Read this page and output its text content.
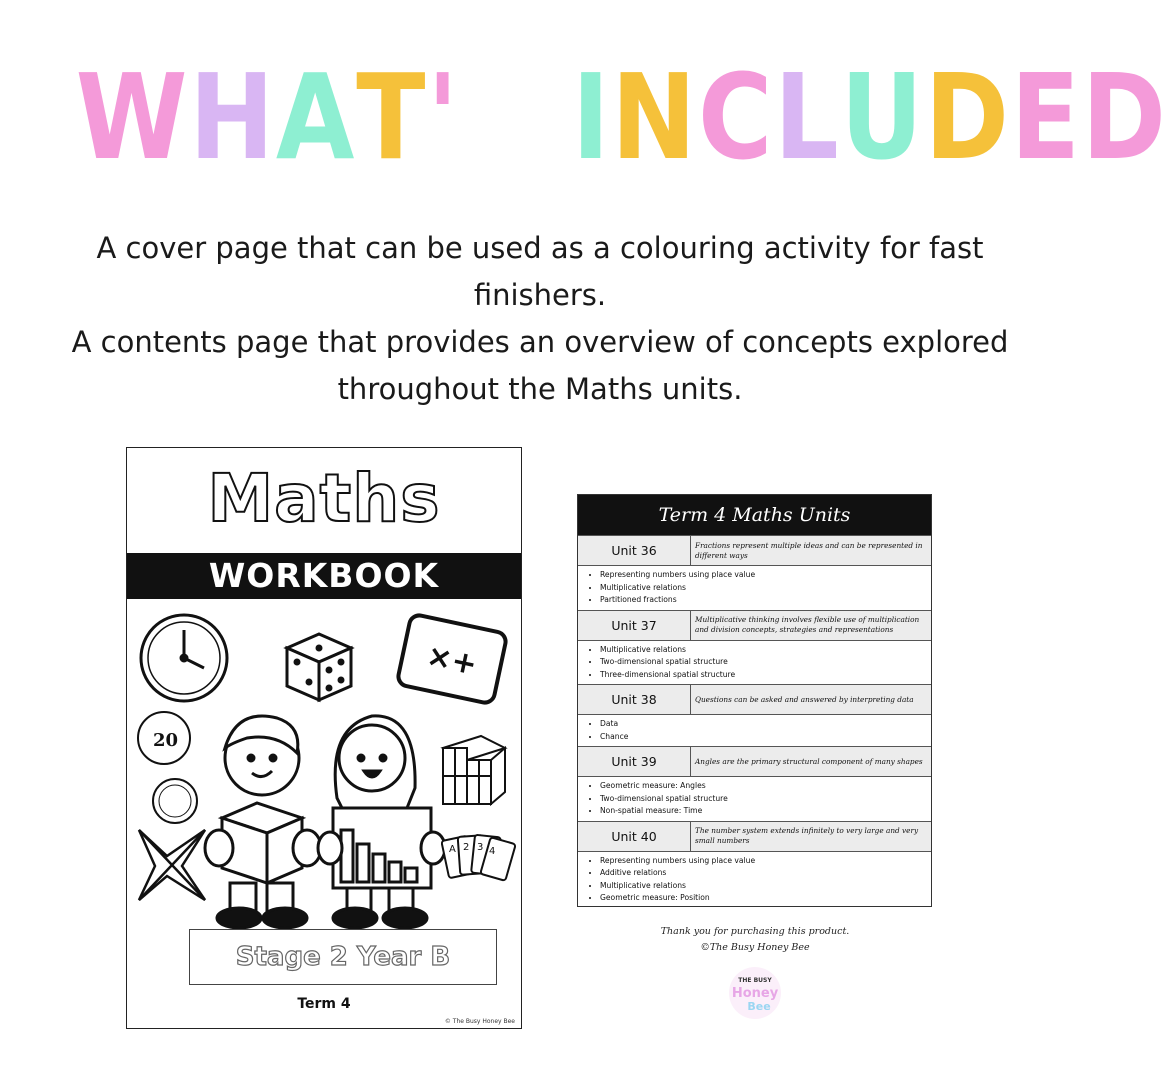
WHAT'S INCLUDED

A cover page that can be used as a colouring activity for fast finishers.

A contents page that provides an overview of concepts explored throughout the Maths units.

Maths
WORKBOOK
×+
20
A 2 3 4
Stage 2 Year B
Term 4
© The Busy Honey Bee
Term 4 Maths Units
Unit 36	Fractions represent multiple ideas and can be represented in different ways
• Representing numbers using place value
• Multiplicative relations
• Partitioned fractions
Unit 37	Multiplicative thinking involves flexible use of multiplication and division concepts, strategies and representations
• Multiplicative relations
• Two-dimensional spatial structure
• Three-dimensional spatial structure
Unit 38	Questions can be asked and answered by interpreting data
• Data
• Chance
Unit 39	Angles are the primary structural component of many shapes
• Geometric measure: Angles
• Two-dimensional spatial structure
• Non-spatial measure: Time
Unit 40	The number system extends infinitely to very large and very small numbers
• Representing numbers using place value
• Additive relations
• Multiplicative relations
• Geometric measure: Position
Thank you for purchasing this product.
©The Busy Honey Bee
THE BUSY
Honey
Bee
